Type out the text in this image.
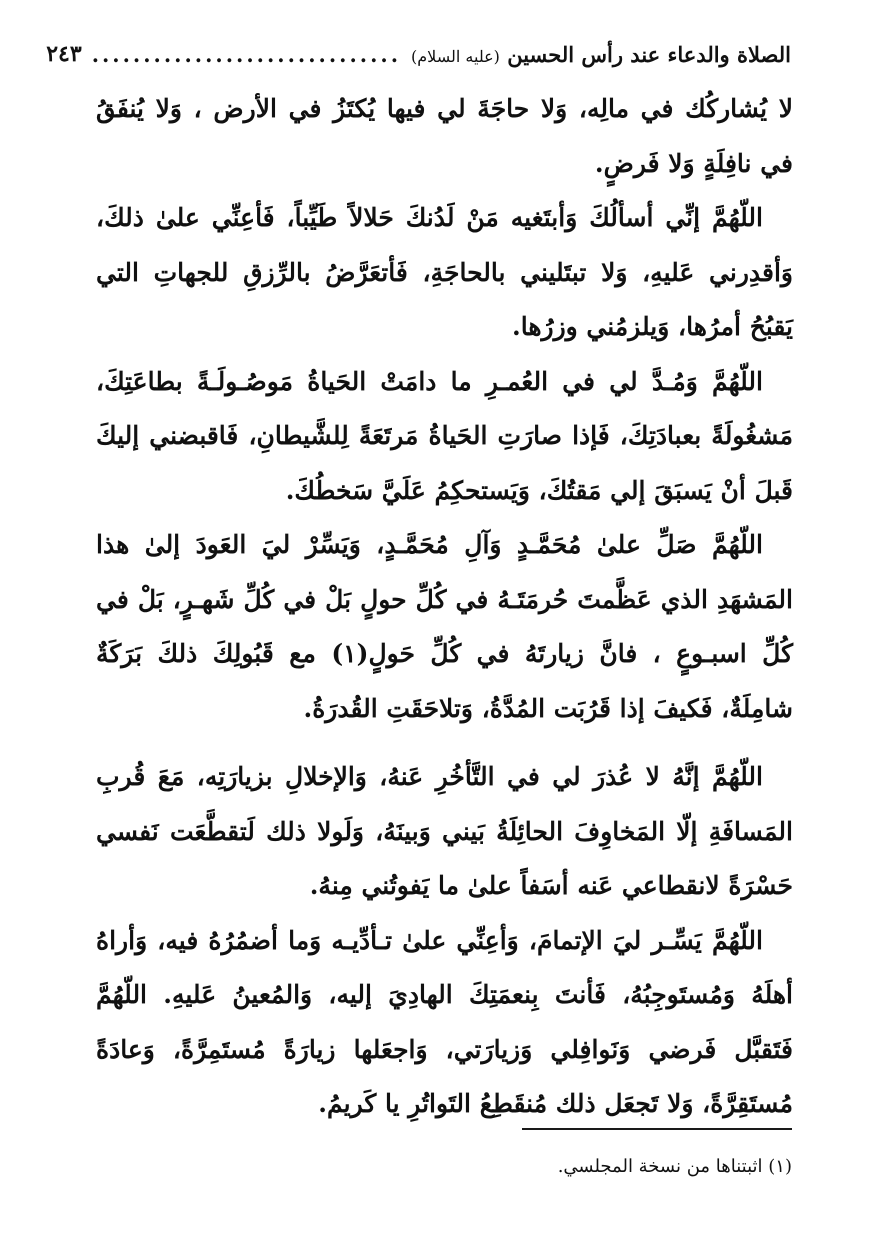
الصلاة والدعاء عند رأس الحسين (عليه السلام)
..............................
٢٤٣

لا يُشاركُك في مالِه، وَلا حاجَةَ لي فيها يُكتَزُ في الأرض ، وَلا يُنفَقُ في نافِلَةٍ وَلا فَرضٍ.

اللّهُمَّ إنِّي أسألُكَ وَأبتَغيه مَنْ لَدُنكَ حَلالاً طَيِّباً، فَأعِنِّي علىٰ ذلكَ، وَأقدِرني عَليهِ، وَلا تبتَليني بالحاجَةِ، فَأتعَرَّضُ بالرِّزقِ للجهاتِ التي يَقبُحُ أمرُها، وَيلزمُني وزرُها.

اللّهُمَّ وَمُـدَّ لي في العُمـرِ ما دامَتْ الحَياةُ مَوصُـولَـةً بطاعَتِكَ، مَشغُولَةً بعبادَتِكَ، فَإذا صارَتِ الحَياةُ مَرتَعَةً لِلشَّيطانِ، فَاقبضني إليكَ قَبلَ أنْ يَسبَقَ إلي مَقتُكَ، وَيَستحكِمُ عَلَيَّ سَخطُكَ.

اللّهُمَّ صَلِّ علىٰ مُحَمَّـدٍ وَآلِ مُحَمَّـدٍ، وَيَسِّرْ ليَ العَودَ إلىٰ هذا المَشهَدِ الذي عَظَّمتَ حُرمَتَـهُ في كُلِّ حولٍ بَلْ في كُلِّ شَهـرٍ، بَلْ في كُلِّ اسبـوعٍ ، فانَّ زيارتَهُ في كُلِّ حَولٍ(١) مع قَبُولِكَ ذلكَ بَرَكَةٌ شامِلَةٌ، فَكيفَ إذا قَرُبَت المُدَّةُ، وَتلاحَقَتِ القُدرَةُ.

اللّهُمَّ إنَّهُ لا عُذرَ لي في التَّأخُرِ عَنهُ، وَالإخلالِ بزيارَتِه، مَعَ قُربِ المَسافَةِ إلّا المَخاوِفَ الحائِلَةُ بَيني وَبينَهُ، وَلَولا ذلك لَتقطَّعَت نَفسي حَسْرَةً لانقطاعي عَنه أسَفاً علىٰ ما يَفوتُني مِنهُ.

اللّهُمَّ يَسِّـر ليَ الإتمامَ، وَأعِنِّي علىٰ تـأدِّيـه وَما أضمُرُهُ فيه، وَأراهُ أهلَهُ وَمُستَوجِبُهُ، فَأنتَ بِنعمَتِكَ الهادِيَ إليه، وَالمُعينُ عَليهِ. اللّهُمَّ فَتَقبَّل فَرضي وَنَوافِلي وَزيارَتي، وَاجعَلها زيارَةً مُستَمِرَّةً، وَعادَةً مُستَقِرَّةً، وَلا تَجعَل ذلك مُنقَطِعُ التَواتُرِ يا كَريمُ.

(١) اثبتناها من نسخة المجلسي.
